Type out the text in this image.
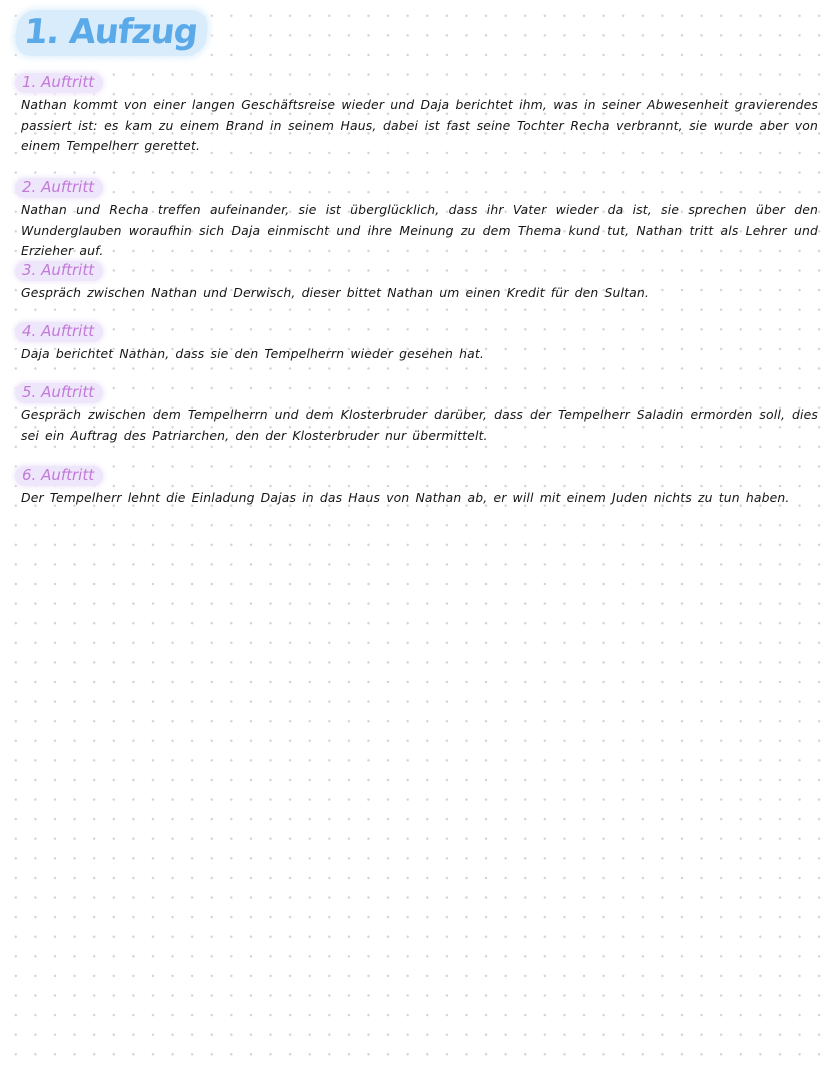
1. Aufzug
1. Auftritt
Nathan kommt von einer langen Geschäftsreise wieder und Daja berichtet ihm, was in seiner Abwesenheit gravierendes passiert ist: es kam zu einem Brand in seinem Haus, dabei ist fast seine Tochter Recha verbrannt, sie wurde aber von einem Tempelherr gerettet.
2. Auftritt
Nathan und Recha treffen aufeinander, sie ist überglücklich, dass ihr Vater wieder da ist, sie sprechen über den Wunderglauben woraufhin sich Daja einmischt und ihre Meinung zu dem Thema kund tut, Nathan tritt als Lehrer und Erzieher auf.
3. Auftritt
Gespräch zwischen Nathan und Derwisch, dieser bittet Nathan um einen Kredit für den Sultan.
4. Auftritt
Daja berichtet Nathan, dass sie den Tempelherrn wieder gesehen hat.
5. Auftritt
Gespräch zwischen dem Tempelherrn und dem Klosterbruder darüber, dass der Tempelherr Saladin ermorden soll, dies sei ein Auftrag des Patriarchen, den der Klosterbruder nur übermittelt.
6. Auftritt
Der Tempelherr lehnt die Einladung Dajas in das Haus von Nathan ab, er will mit einem Juden nichts zu tun haben.
